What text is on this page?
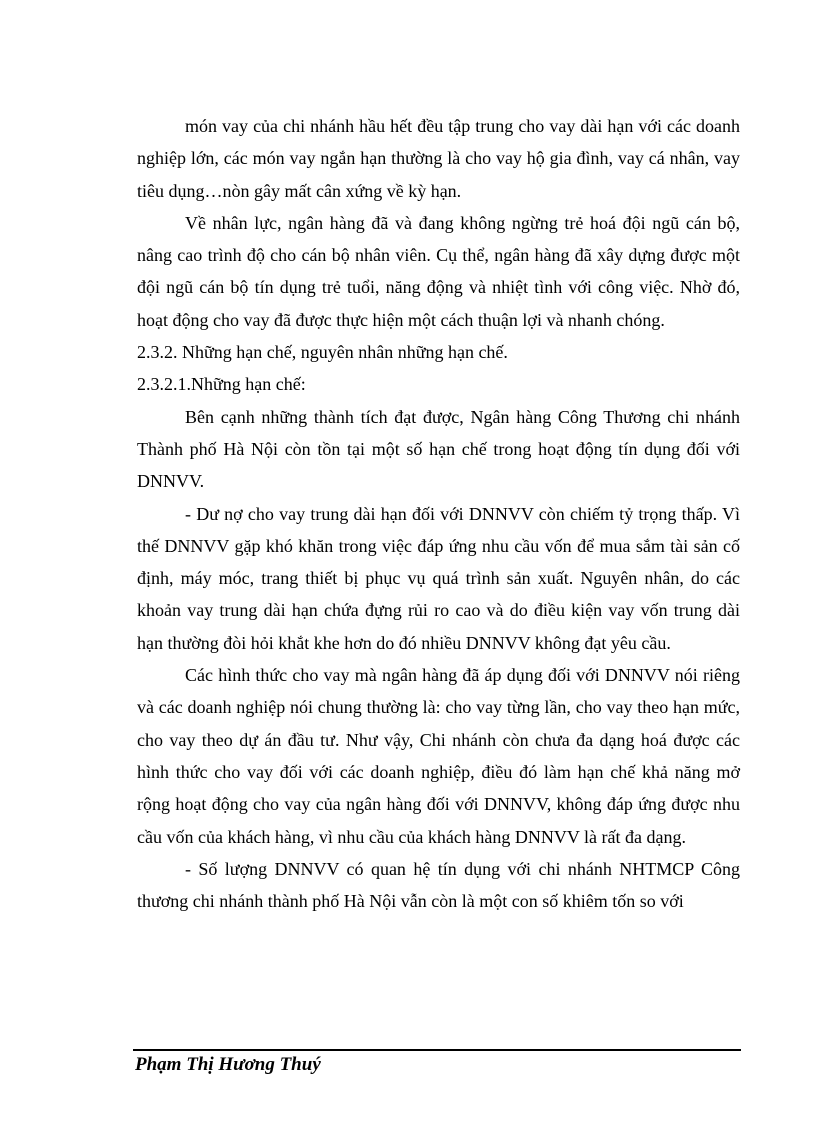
món vay của chi nhánh hầu hết đều tập trung cho vay dài hạn với các doanh nghiệp lớn, các món vay ngắn hạn thường là cho vay hộ gia đình, vay cá nhân, vay tiêu dụng…nòn gây mất cân xứng về kỳ hạn.

Về nhân lực, ngân hàng đã và đang không ngừng trẻ hoá đội ngũ cán bộ, nâng cao trình độ cho cán bộ nhân viên. Cụ thể, ngân hàng đã xây dựng được một đội ngũ cán bộ tín dụng trẻ tuổi, năng động và nhiệt tình với công việc. Nhờ đó, hoạt động cho vay đã được thực hiện một cách thuận lợi và nhanh chóng.

2.3.2. Những hạn chế, nguyên nhân những hạn chế.

2.3.2.1.Những hạn chế:

Bên cạnh những thành tích đạt được, Ngân hàng Công Thương chi nhánh Thành phố Hà Nội còn tồn tại một số hạn chế trong hoạt động tín dụng đối với DNNVV.

- Dư nợ cho vay trung dài hạn đối với DNNVV còn chiếm tỷ trọng thấp. Vì thế DNNVV gặp khó khăn trong việc đáp ứng nhu cầu vốn để mua sắm tài sản cố định, máy móc, trang thiết bị phục vụ quá trình sản xuất. Nguyên nhân, do các khoản vay trung dài hạn chứa đựng rủi ro cao và do điều kiện vay vốn trung dài hạn thường đòi hỏi khắt khe hơn do đó nhiều DNNVV không đạt yêu cầu.

Các hình thức cho vay mà ngân hàng đã áp dụng đối với DNNVV nói riêng và các doanh nghiệp nói chung thường là: cho vay từng lần, cho vay theo hạn mức, cho vay theo dự án đầu tư. Như vậy, Chi nhánh còn chưa đa dạng hoá được các hình thức cho vay đối với các doanh nghiệp, điều đó làm hạn chế khả năng mở rộng hoạt động cho vay của ngân hàng đối với DNNVV, không đáp ứng được nhu cầu vốn của khách hàng, vì nhu cầu của khách hàng DNNVV là rất đa dạng.

- Số lượng DNNVV có quan hệ tín dụng với chi nhánh NHTMCP Công thương chi nhánh thành phố Hà Nội vẫn còn là một con số khiêm tốn so với

Phạm Thị Hương Thuý
